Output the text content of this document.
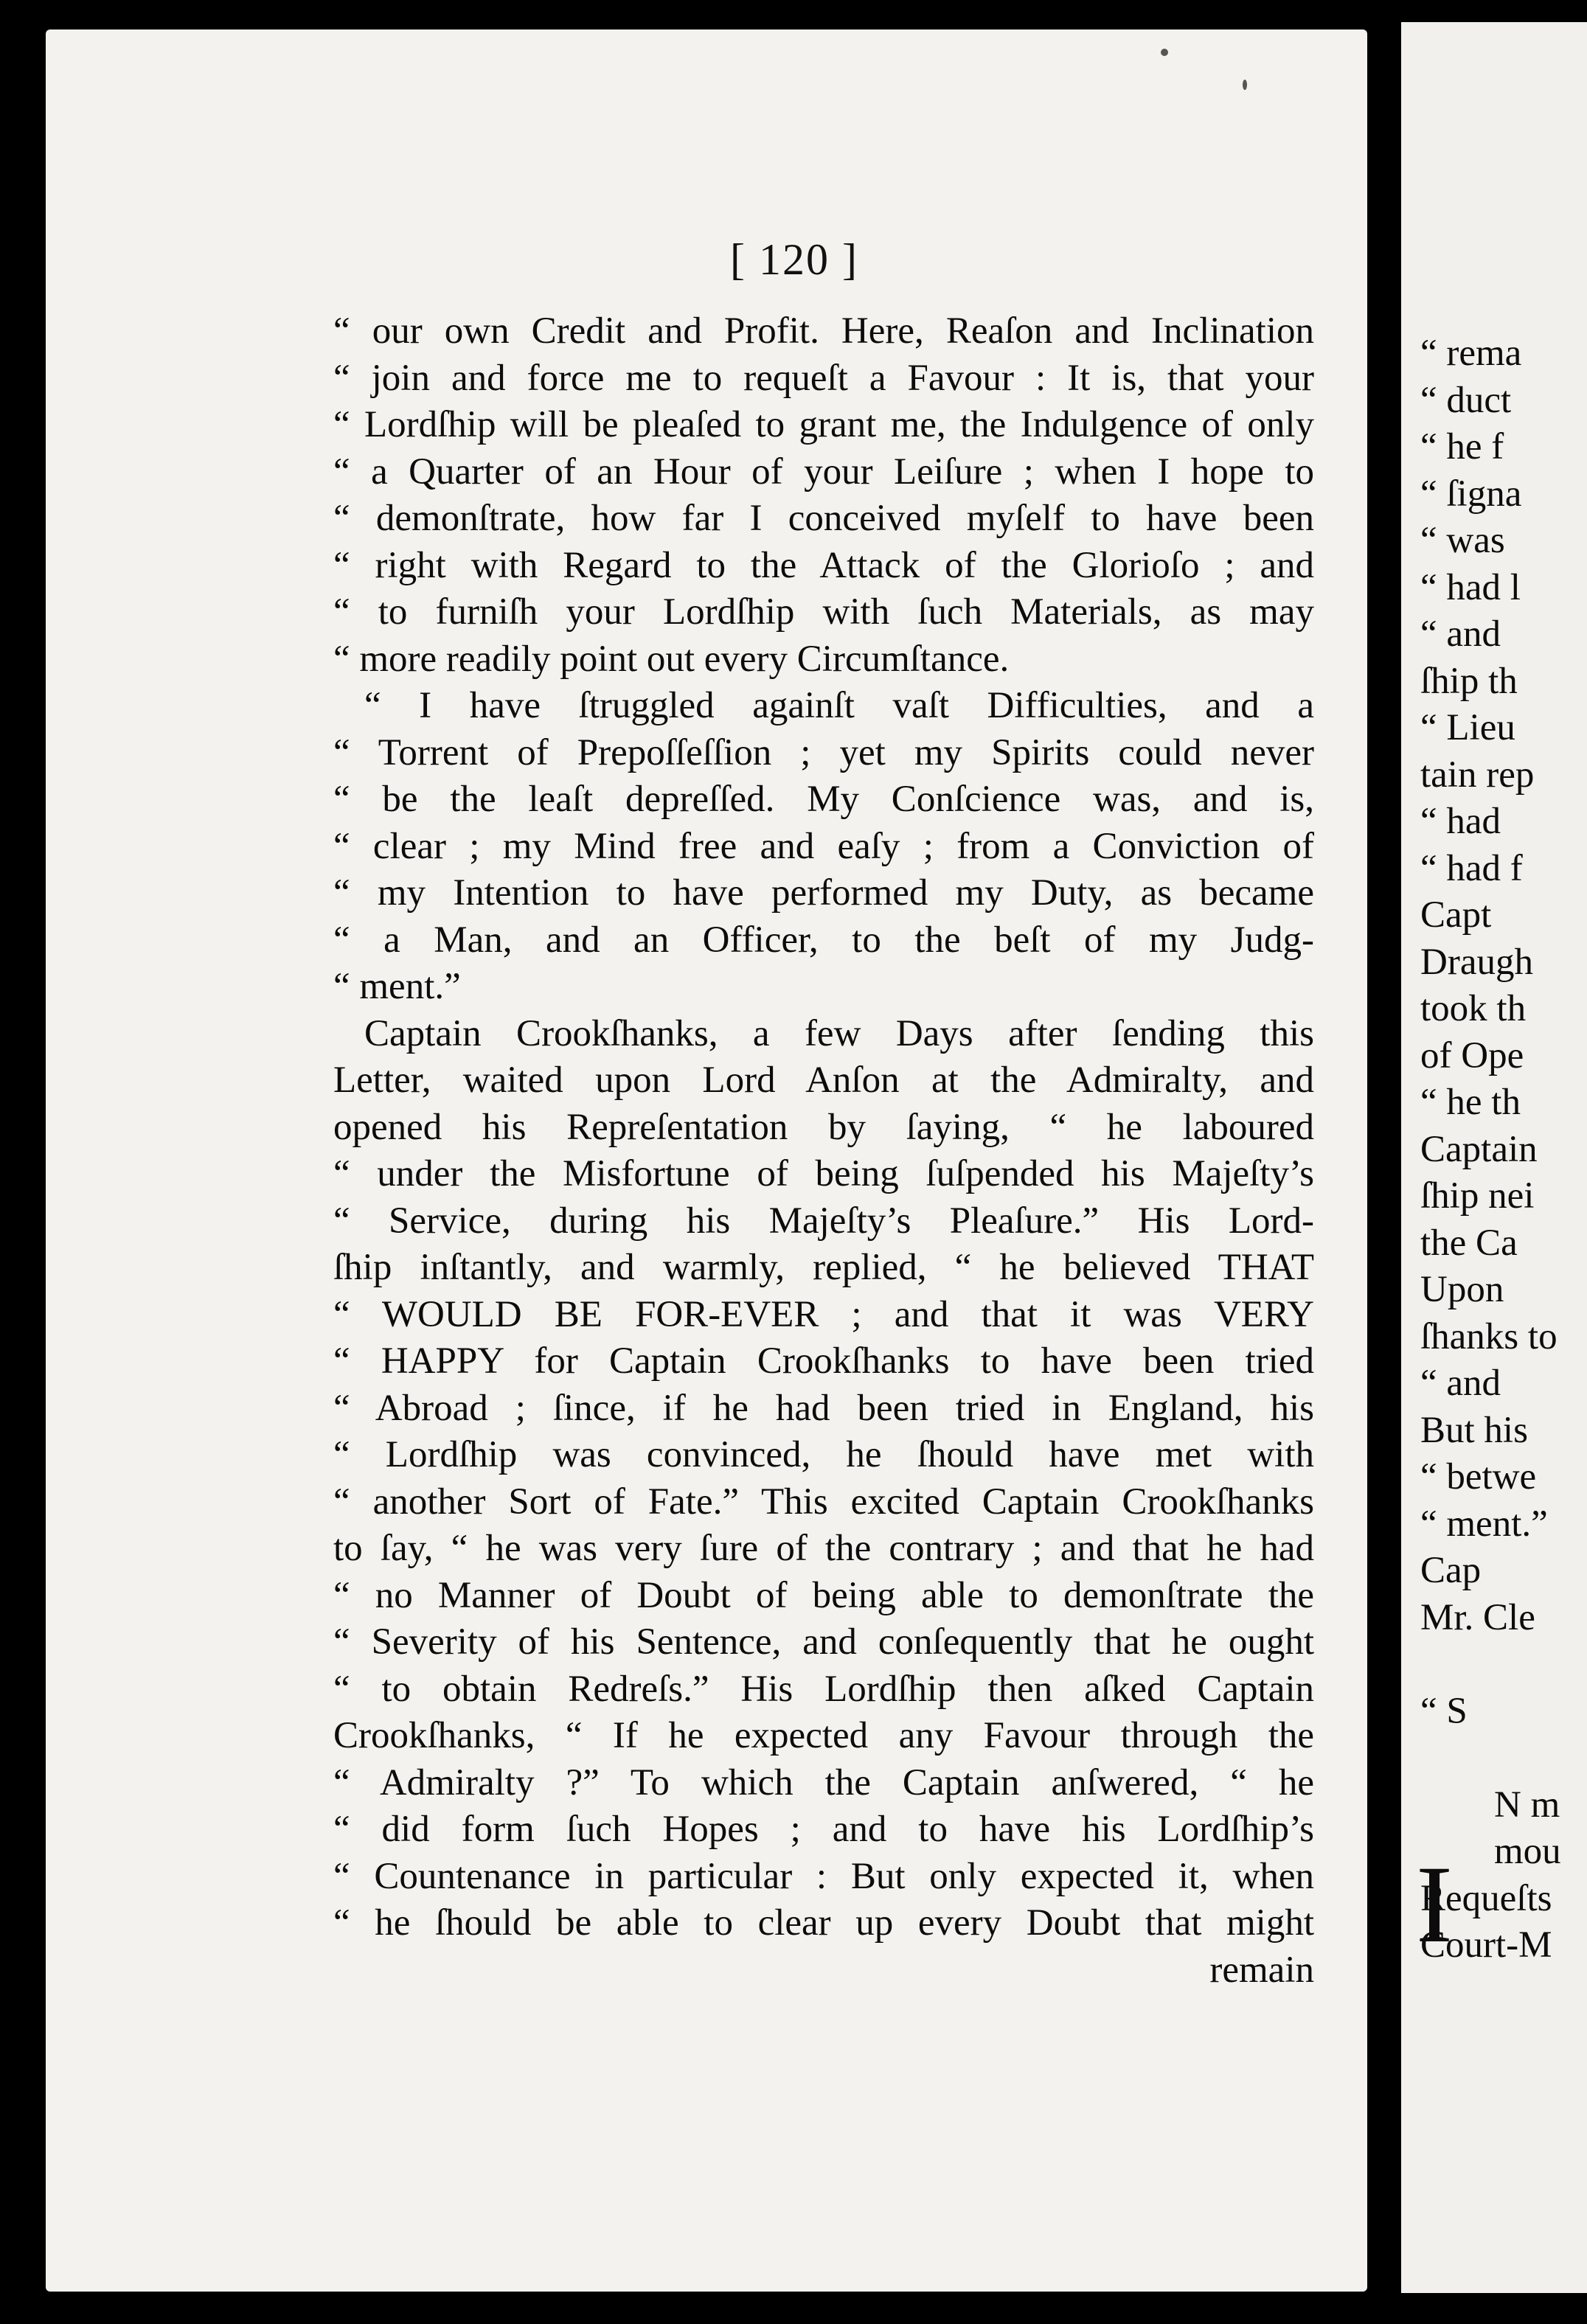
“ rema
“ duct
“ he f
“ ſigna
“ was
“ had l
“ and
ſhip th
“ Lieu
tain rep
“ had
“ had f
Capt
Draugh
took th
of Ope
“ he th
Captain
ſhip nei
the Ca
Upon
ſhanks to
“ and
But his
“ betwe
“ ment.”
Cap
Mr. Cle
“ S
N m
mou
Requeſts
Court-M
I
[ 120 ]
“ our own Credit and Profit. Here, Reaſon and Inclination
“ join and force me to requeſt a Favour : It is, that your
“ Lordſhip will be pleaſed to grant me, the Indulgence of only
“ a Quarter of an Hour of your Leiſure ; when I hope to
“ demonſtrate, how far I conceived myſelf to have been
“ right with Regard to the Attack of the Glorioſo ; and
“ to furniſh your Lordſhip with ſuch Materials, as may
“ more readily point out every Circumſtance.
“ I have ſtruggled againſt vaſt Difficulties, and a
“ Torrent of Prepoſſeſſion ; yet my Spirits could never
“ be the leaſt depreſſed. My Conſcience was, and is,
“ clear ; my Mind free and eaſy ; from a Conviction of
“ my Intention to have performed my Duty, as became
“ a Man, and an Officer, to the beſt of my Judg-
“ ment.”
Captain Crookſhanks, a few Days after ſending this
Letter, waited upon Lord Anſon at the Admiralty, and
opened his Repreſentation by ſaying, “ he laboured
“ under the Misfortune of being ſuſpended his Majeſty’s
“ Service, during his Majeſty’s Pleaſure.” His Lord-
ſhip inſtantly, and warmly, replied, “ he believed THAT
“ WOULD BE FOR-EVER ; and that it was VERY
“ HAPPY for Captain Crookſhanks to have been tried
“ Abroad ; ſince, if he had been tried in England, his
“ Lordſhip was convinced, he ſhould have met with
“ another Sort of Fate.” This excited Captain Crookſhanks
to ſay, “ he was very ſure of the contrary ; and that he had
“ no Manner of Doubt of being able to demonſtrate the
“ Severity of his Sentence, and conſequently that he ought
“ to obtain Redreſs.” His Lordſhip then aſked Captain
Crookſhanks, “ If he expected any Favour through the
“ Admiralty ?” To which the Captain anſwered, “ he
“ did form ſuch Hopes ; and to have his Lordſhip’s
“ Countenance in particular : But only expected it, when
“ he ſhould be able to clear up every Doubt that might
remain
